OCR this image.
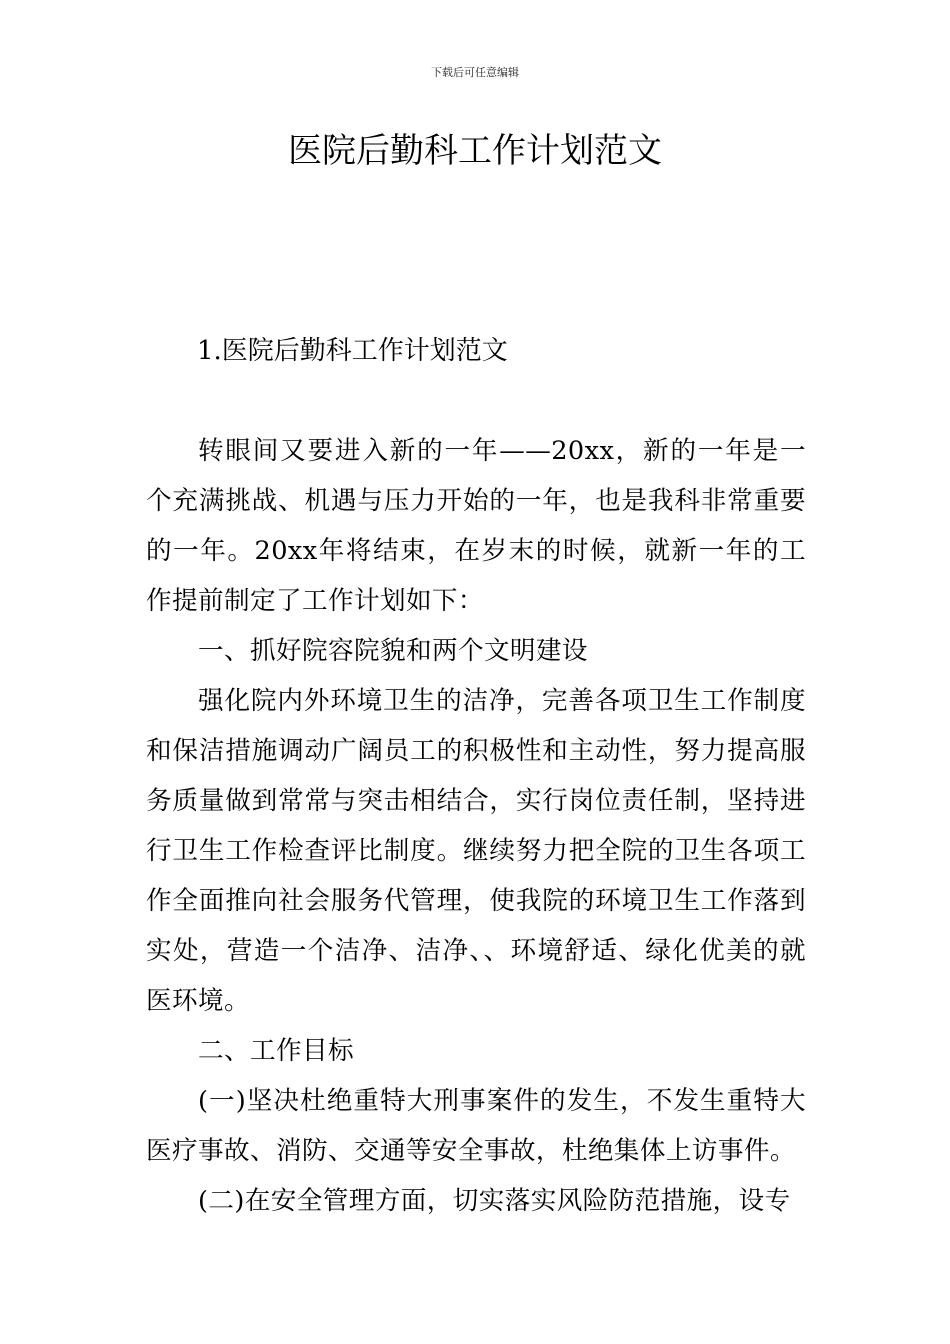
下载后可任意编辑
医院后勤科工作计划范文
1.医院后勤科工作计划范文

转眼间又要进入新的一年——20xx，新的一年是一个充满挑战、机遇与压力开始的一年，也是我科非常重要的一年。20xx年将结束，在岁末的时候，就新一年的工作提前制定了工作计划如下：

一、抓好院容院貌和两个文明建设

强化院内外环境卫生的洁净，完善各项卫生工作制度和保洁措施调动广阔员工的积极性和主动性，努力提高服务质量做到常常与突击相结合，实行岗位责任制，坚持进行卫生工作检查评比制度。继续努力把全院的卫生各项工作全面推向社会服务代管理，使我院的环境卫生工作落到实处，营造一个洁净、洁净、、环境舒适、绿化优美的就医环境。

二、工作目标

(一)坚决杜绝重特大刑事案件的发生，不发生重特大医疗事故、消防、交通等安全事故，杜绝集体上访事件。

(二)在安全管理方面，切实落实风险防范措施，设专
